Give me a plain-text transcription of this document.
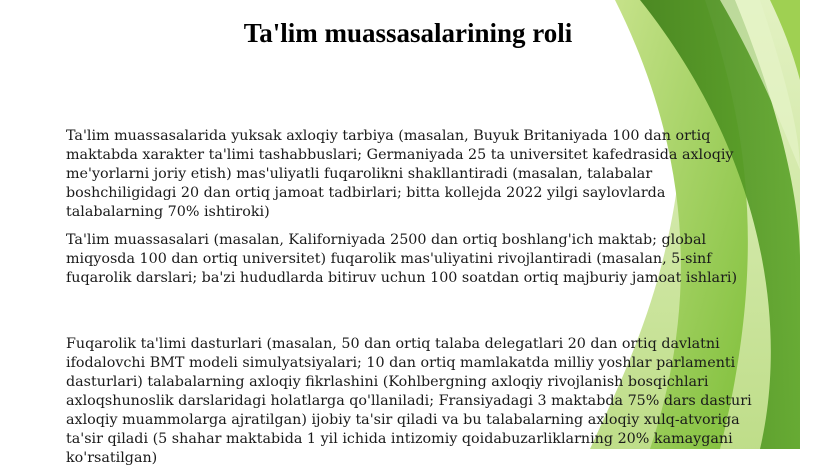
Ta'lim muassasalarining roli

Ta'lim muassasalarida yuksak axloqiy tarbiya (masalan, Buyuk Britaniyada 100 dan ortiq maktabda xarakter ta'limi tashabbuslari; Germaniyada 25 ta universitet kafedrasida axloqiy me'yorlarni joriy etish) mas'uliyatli fuqarolikni shakllantiradi (masalan, talabalar boshchiligidagi 20 dan ortiq jamoat tadbirlari; bitta kollejda 2022 yilgi saylovlarda talabalarning 70% ishtiroki)

Ta'lim muassasalari (masalan, Kaliforniyada 2500 dan ortiq boshlang'ich maktab; global miqyosda 100 dan ortiq universitet) fuqarolik mas'uliyatini rivojlantiradi (masalan, 5-sinf fuqarolik darslari; ba'zi hududlarda bitiruv uchun 100 soatdan ortiq majburiy jamoat ishlari)

Fuqarolik ta'limi dasturlari (masalan, 50 dan ortiq talaba delegatlari 20 dan ortiq davlatni ifodalovchi BMT modeli simulyatsiyalari; 10 dan ortiq mamlakatda milliy yoshlar parlamenti dasturlari) talabalarning axloqiy fikrlashini (Kohlbergning axloqiy rivojlanish bosqichlari axloqshunoslik darslaridagi holatlarga qo'llaniladi; Fransiyadagi 3 maktabda 75% dars dasturi axloqiy muammolarga ajratilgan) ijobiy ta'sir qiladi va bu talabalarning axloqiy xulq-atvoriga ta'sir qiladi (5 shahar maktabida 1 yil ichida intizomiy qoidabuzarliklarning 20% kamaygani ko'rsatilgan)
